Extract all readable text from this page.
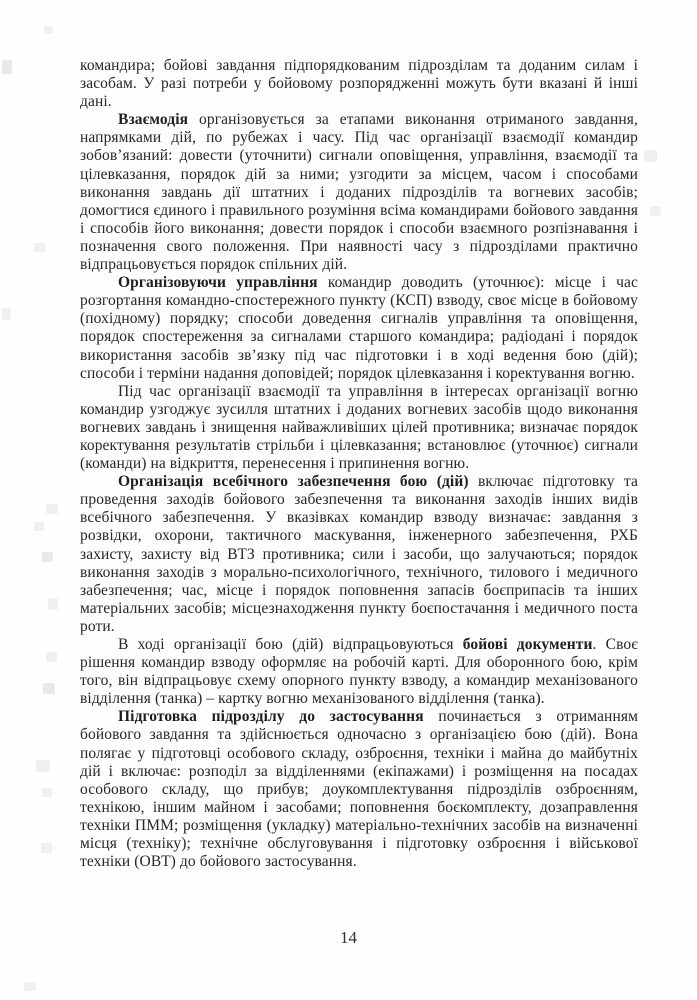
командира; бойові завдання підпорядкованим підрозділам та доданим силам і засобам. У разі потреби у бойовому розпорядженні можуть бути вказані й інші дані.

Взаємодія організовується за етапами виконання отриманого завдання, напрямками дій, по рубежах і часу. Під час організації взаємодії командир зобов’язаний: довести (уточнити) сигнали оповіщення, управління, взаємодії та цілевказання, порядок дій за ними; узгодити за місцем, часом і способами виконання завдань дії штатних і доданих підрозділів та вогневих засобів; домогтися єдиного і правильного розуміння всіма командирами бойового завдання і способів його виконання; довести порядок і способи взаємного розпізнавання і позначення свого положення. При наявності часу з підрозділами практично відпрацьовується порядок спільних дій.

Організовуючи управління командир доводить (уточнює): місце і час розгортання командно-спостережного пункту (КСП) взводу, своє місце в бойовому (похідному) порядку; способи доведення сигналів управління та оповіщення, порядок спостереження за сигналами старшого командира; радіодані і порядок використання засобів зв’язку під час підготовки і в ході ведення бою (дій); способи і терміни надання доповідей; порядок цілевказання і коректування вогню.

Під час організації взаємодії та управління в інтересах організації вогню командир узгоджує зусилля штатних і доданих вогневих засобів щодо виконання вогневих завдань і знищення найважливіших цілей противника; визначає порядок коректування результатів стрільби і цілевказання; встановлює (уточнює) сигнали (команди) на відкриття, перенесення і припинення вогню.

Організація всебічного забезпечення бою (дій) включає підготовку та проведення заходів бойового забезпечення та виконання заходів інших видів всебічного забезпечення. У вказівках командир взводу визначає: завдання з розвідки, охорони, тактичного маскування, інженерного забезпечення, РХБ захисту, захисту від ВТЗ противника; сили і засоби, що залучаються; порядок виконання заходів з морально-психологічного, технічного, тилового і медичного забезпечення; час, місце і порядок поповнення запасів боєприпасів та інших матеріальних засобів; місцезнаходження пункту боєпостачання і медичного поста роти.

В ході організації бою (дій) відпрацьовуються бойові документи. Своє рішення командир взводу оформляє на робочій карті. Для оборонного бою, крім того, він відпрацьовує схему опорного пункту взводу, а командир механізованого відділення (танка) – картку вогню механізованого відділення (танка).

Підготовка підрозділу до застосування починається з отриманням бойового завдання та здійснюється одночасно з організацією бою (дій). Вона полягає у підготовці особового складу, озброєння, техніки і майна до майбутніх дій і включає: розподіл за відділеннями (екіпажами) і розміщення на посадах особового складу, що прибув; доукомплектування підрозділів озброєнням, технікою, іншим майном і засобами; поповнення боєкомплекту, дозаправлення техніки ПММ; розміщення (укладку) матеріально-технічних засобів на визначенні місця (техніку); технічне обслуговування і підготовку озброєння і військової техніки (ОВТ) до бойового застосування.

14
